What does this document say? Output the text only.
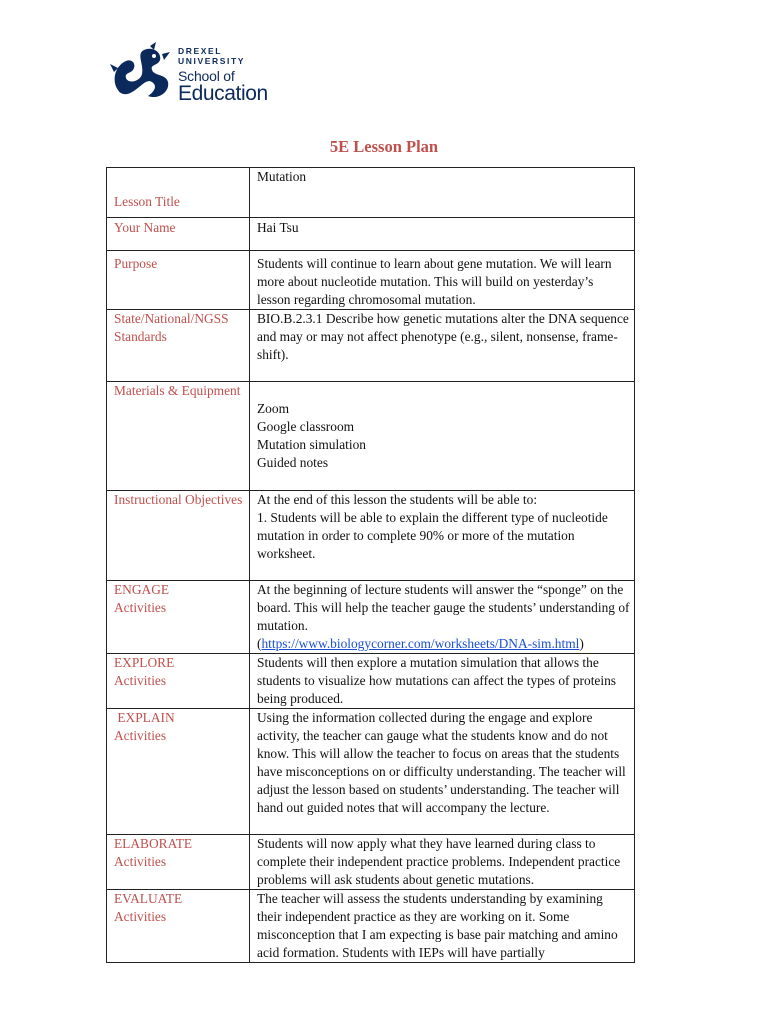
DREXEL UNIVERSITY
School of
Education
5E Lesson Plan
Lesson Title	Mutation

Your Name	Hai Tsu

Purpose	Students will continue to learn about gene mutation. We will learn more about nucleotide mutation. This will build on yesterday’s lesson regarding chromosomal mutation.

State/National/NGSS Standards	BIO.B.2.3.1 Describe how genetic mutations alter the DNA sequence and may or may not affect phenotype (e.g., silent, nonsense, frame-shift).

Materials & Equipment	Zoom
Google classroom
Mutation simulation
Guided notes

Instructional Objectives	At the end of this lesson the students will be able to:
1. Students will be able to explain the different type of nucleotide mutation in order to complete 90% or more of the mutation worksheet.

ENGAGE
Activities	At the beginning of lecture students will answer the “sponge” on the board. This will help the teacher gauge the students’ understanding of mutation.
(https://www.biologycorner.com/worksheets/DNA-sim.html)

EXPLORE
Activities	Students will then explore a mutation simulation that allows the students to visualize how mutations can affect the types of proteins being produced.

EXPLAIN
Activities	Using the information collected during the engage and explore activity, the teacher can gauge what the students know and do not know. This will allow the teacher to focus on areas that the students have misconceptions on or difficulty understanding. The teacher will adjust the lesson based on students’ understanding. The teacher will hand out guided notes that will accompany the lecture.

ELABORATE
Activities	Students will now apply what they have learned during class to complete their independent practice problems. Independent practice problems will ask students about genetic mutations.

EVALUATE
Activities	The teacher will assess the students understanding by examining their independent practice as they are working on it. Some misconception that I am expecting is base pair matching and amino acid formation. Students with IEPs will have partially
